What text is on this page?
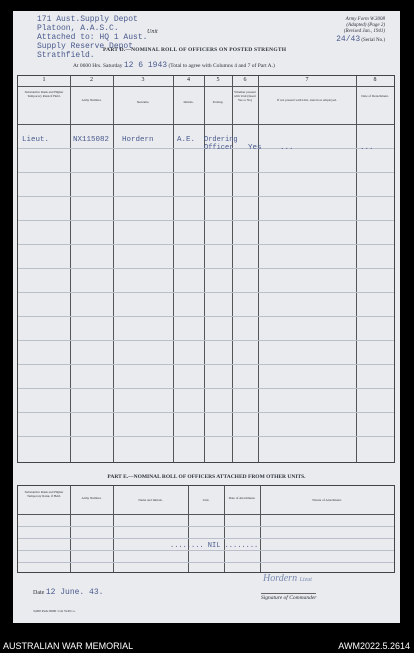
171 Aust.Supply Depot
Platoon, A.A.S.C.
Attached to: HQ 1 Aust.
Supply Reserve Depot
Strathfield.
Unit
Army Form W.3008
(Adapted) (Page 2)
(Revised Jan., 1941)
24/43 (Serial No.)
PART D.—NOMINAL ROLL OF OFFICERS ON POSTED STRENGTH
At 0600 Hrs. Saturday 12 6 1943 (Total to agree with Columns 4 and 7 of Part A.)
1	2	3	4	5	6	7	8
Substantive Rank and Higher Temporary Rank if Held.
Army Number.	Surname.	Initials.	Posting.
Whether present with Unit (Insert Yes or No)	If not present with Unit, state how employed.
Date of Detachment.
Lieut.	NX115082 Hordern	A.E. Ordering Officer	Yes ...	...
PART E.—NOMINAL ROLL OF OFFICERS ATTACHED FROM OTHER UNITS.
Substantive Rank and Higher Temporary Rank, if Held.	Army Number.	Name and Initials.	Unit.	Date of Attachment.	Nature of Attachment.
........ NIL ........
Hordern Lieut
Date 12 June. 43.
Signature of Commander
3,000 Pads 8000 1/41 W.P.Co.
AUSTRALIAN WAR MEMORIAL	AWM2022.5.2614
